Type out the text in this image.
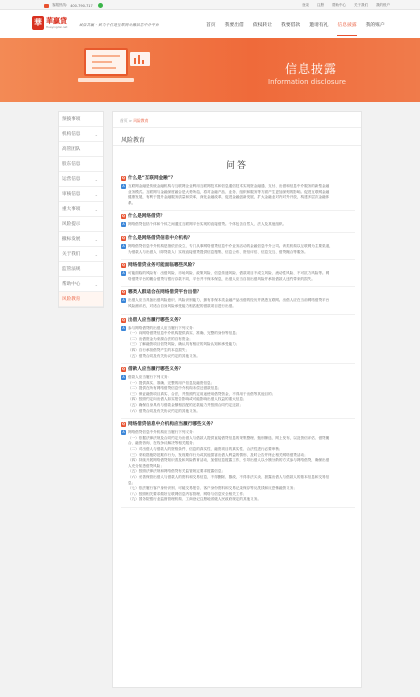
客服热线: 400-790-717	登录 注册 帮助中心 关于我们 我的账户
華 華贏貸
Huayingdai.net	诚信共赢 · 致力于打造互联网金融信息中介平台	首页 我要出借 债权转让 我要借款 邀请有礼 信息披露 我的账户
信息披露
Information disclosure
预披事项
机构信息	⌄
高管团队
股东信息
运营信息	⌄
审核信息	⌄
重大事项	⌄
风险提示
撤标发展	⌄
关于我们	⌄
监管法规
帮助中心	⌄
风险教育
首页 > 风险教育
风险教育
问答
Q 什么是“互联网金融”？
A 互联网金融是传统金融机构与互联网企业利用互联网技术和信息通信技术实现资金融通、支付、出借和信息中介服务的新型金融
业务模式。互联网与金融深度融合是大势所趋，将对金融产品、业务、组织和服务等方面产生更加深刻的影响。促进互联网金融
健康发展，有利于提升金融服务质量和效率，深化金融改革，促进金融创新发展，扩大金融业对内对外开放，构建多层次金融体
系。
Q 什么是网络借贷？
A 网络借贷包括个体和个体之间通过互联网平台实现的直接借贷。个体包含自然人、法人及其他组织。
Q 什么是网络借贷信息中介机构？
A 网络借贷信息中介机构是指依法设立，专门从事网络借贷信息中介业务活动的金融信息中介公司。该类机构以互联网为主要渠道，
为借款人与出借人（即贷款人）实现直接借贷提供信息搜集、信息公布、资信评估、信息交互、借贷撮合等服务。
Q 网络借贷业务可能面临哪些风险？
A 可能面临的风险有：出借风险、市场风险、政策风险、信息传递风险、借款项目不成立风险、流动性风险、不可抗力风险等。网
络借贷平台的撮合借贷与银行存款不同，平台并不保本保息，出借人应当自担出借风险并承担借款人违约带来的损失。
Q 哪类人群适合在网络借贷平台出借？
A 出借人应当具备出借风险意识、风险识别能力，拥有非保本类金融产品出借的经历并熟悉互联网。出借人应在当前网络借贷平台
风险测评后，对适合自身风险承受能力相匹配的借款项目进行出借。
Q 出借人应当履行哪些义务？
A 参与网络借贷的出借人应当履行下列义务：
（一）向网络借贷信息中介机构提供真实、准确、完整的身份等信息；
（二）出借资金为来源合法的自有资金；
（三）了解融资项目信贷风险，确认具有相应的风险认知和承受能力；
（四）自行承担借贷产生的本息损失；
（五）借贷合同及有关协议约定的其他义务。
Q 借款人应当履行哪些义务？
A 借款人应当履行下列义务：
（一）提供真实、准确、完整的用户信息及融资信息；
（二）提供在所有网络借贷信息中介机构未偿还借款信息；
（三）保证融资项目真实、合法，并按照约定用途使用借贷资金，不得用于出借等其他目的；
（四）按照约定向出借人如实报告影响或可能影响出借人权益的重大信息；
（五）确保自身具有与借款金额相匹配的还款能力并按照合同约定还款；
（六）借贷合同及有关协议约定的其他义务。
Q 网络借贷信息中介机构应当履行哪些义务？
A 网络借贷信息中介机构应当履行下列义务：
（一）依据法律法规及合同约定为出借人与借款人提供直接借贷信息的采集整理、甄别筛选、网上发布，以及资信评估、借贷撮
合、融资咨询、在线争议解决等相关服务；
（二）对出借人与借款人的资格条件、信息的真实性、融资项目的真实性、合法性进行必要审核；
（三）采取措施防范欺诈行为，发现欺诈行为或其他损害出借人利益的情形，及时公告并终止相关网络借贷活动；
（四）持续开展网络借贷知识普及和风险教育活动，加强信息披露工作，引导出借人以小额分散的方式参与网络借贷，确保出借
人充分知悉借贷风险；
（五）按照法律法规和网络借贷有关监管规定要求披露信息；
（六）妥善保管出借人与借款人的资料和交易信息，不得删除、篡改，不得非法买卖、泄露出借人与借款人的基本信息和交易信
息；
（七）依法履行客户身份识别、可疑交易报告、客户身份资料和交易记录保存等反洗钱和反恐怖融资义务；
（八）按照相关要求做好互联网信息内容管理、网络与信息安全相关工作；
（九）国务院银行业监督管理机构、工商登记注册地省级人民政府规定的其他义务。
